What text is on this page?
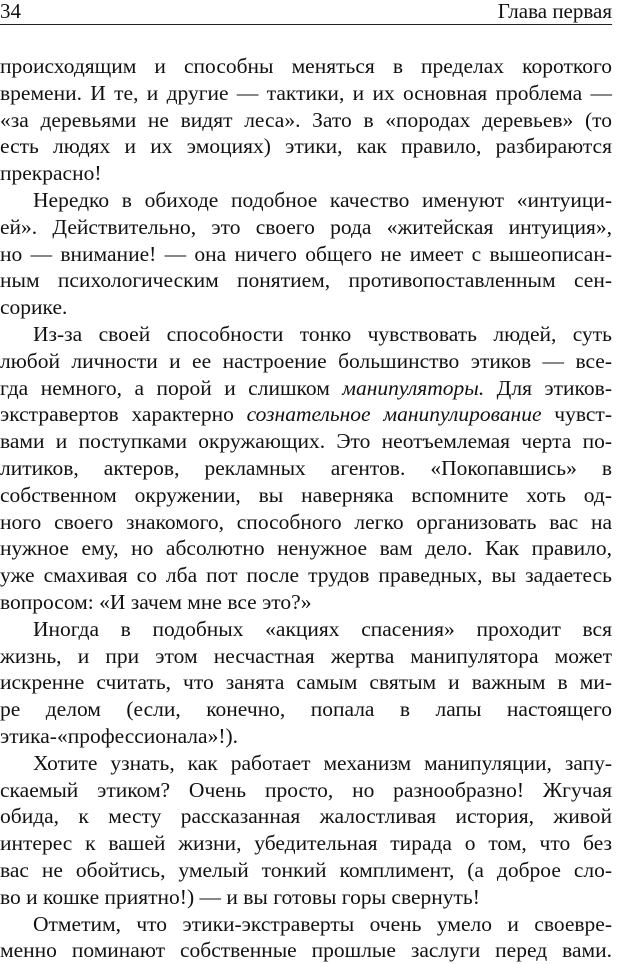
34	Глава первая
происходящим и способны меняться в пределах короткого
времени. И те, и другие — тактики, и их основная проблема —
«за деревьями не видят леса». Зато в «породах деревьев» (то
есть людях и их эмоциях) этики, как правило, разбираются
прекрасно!
Нередко в обиходе подобное качество именуют «интуици-
ей». Действительно, это своего рода «житейская интуиция»,
но — внимание! — она ничего общего не имеет с вышеописан-
ным психологическим понятием, противопоставленным сен-
сорике.
Из-за своей способности тонко чувствовать людей, суть
любой личности и ее настроение большинство этиков — все-
гда немного, а порой и слишком манипуляторы. Для этиков-
экстравертов характерно сознательное манипулирование чувст-
вами и поступками окружающих. Это неотъемлемая черта по-
литиков, актеров, рекламных агентов. «Покопавшись» в
собственном окружении, вы наверняка вспомните хоть од-
ного своего знакомого, способного легко организовать вас на
нужное ему, но абсолютно ненужное вам дело. Как правило,
уже смахивая со лба пот после трудов праведных, вы задаетесь
вопросом: «И зачем мне все это?»
Иногда в подобных «акциях спасения» проходит вся
жизнь, и при этом несчастная жертва манипулятора может
искренне считать, что занята самым святым и важным в ми-
ре делом (если, конечно, попала в лапы настоящего
этика-«профессионала»!).
Хотите узнать, как работает механизм манипуляции, запу-
скаемый этиком? Очень просто, но разнообразно! Жгучая
обида, к месту рассказанная жалостливая история, живой
интерес к вашей жизни, убедительная тирада о том, что без
вас не обойтись, умелый тонкий комплимент, (а доброе сло-
во и кошке приятно!) — и вы готовы горы свернуть!
Отметим, что этики-экстраверты очень умело и своевре-
менно поминают собственные прошлые заслуги перед вами.
